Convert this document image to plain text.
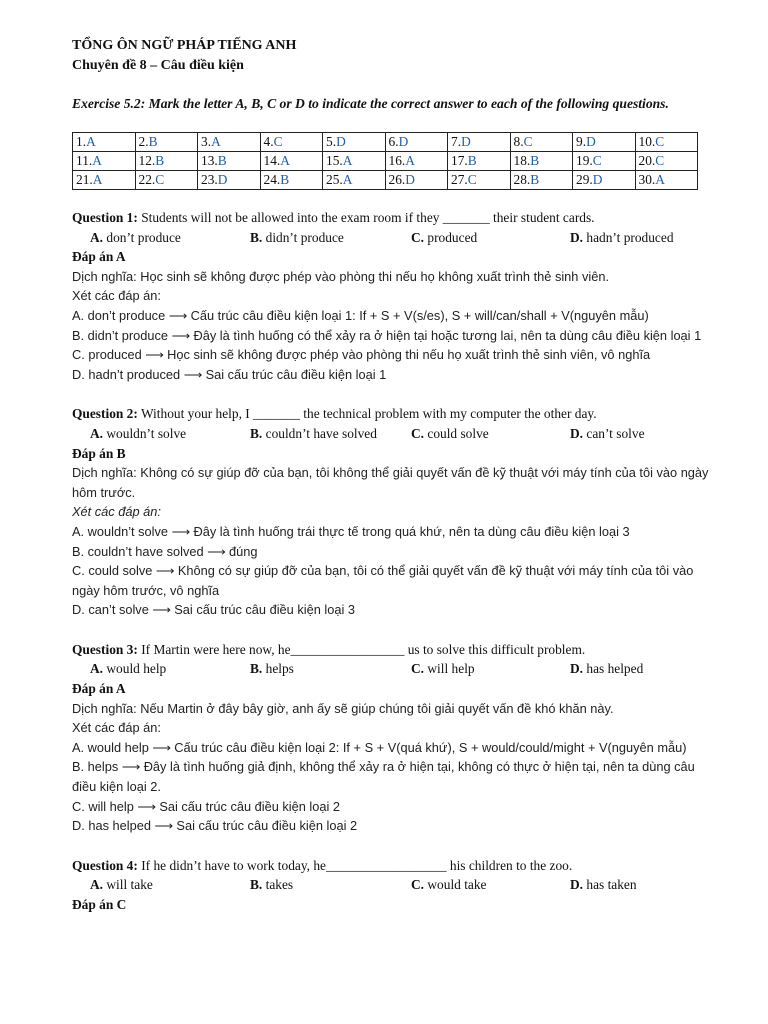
TỔNG ÔN NGỮ PHÁP TIẾNG ANH
Chuyên đề 8 – Câu điều kiện
Exercise 5.2: Mark the letter A, B, C or D to indicate the correct answer to each of the following questions.
1.A	2.B	3.A	4.C	5.D	6.D	7.D	8.C	9.D	10.C
11.A	12.B	13.B	14.A	15.A	16.A	17.B	18.B	19.C	20.C
21.A	22.C	23.D	24.B	25.A	26.D	27.C	28.B	29.D	30.A
Question 1: Students will not be allowed into the exam room if they _______ their student cards.
A. don’t produce	B. didn’t produce	C. produced	D. hadn’t produced
Đáp án A
Dịch nghĩa: Học sinh sẽ không được phép vào phòng thi nếu họ không xuất trình thẻ sinh viên.
Xét các đáp án:
A. don’t produce ⟶ Cấu trúc câu điều kiện loại 1: If + S + V(s/es), S + will/can/shall + V(nguyên mẫu)
B. didn’t produce ⟶ Đây là tình huống có thể xảy ra ở hiện tại hoặc tương lai, nên ta dùng câu điều kiện loại 1
C. produced ⟶ Học sinh sẽ không được phép vào phòng thi nếu họ xuất trình thẻ sinh viên, vô nghĩa
D. hadn’t produced ⟶ Sai cấu trúc câu điều kiện loại 1
Question 2: Without your help, I _______ the technical problem with my computer the other day.
A. wouldn’t solve	B. couldn’t have solved	C. could solve	D. can’t solve
Đáp án B
Dịch nghĩa: Không có sự giúp đỡ của bạn, tôi không thể giải quyết vấn đề kỹ thuật với máy tính của tôi vào ngày hôm trước.
Xét các đáp án:
A. wouldn’t solve ⟶ Đây là tình huống trái thực tế trong quá khứ, nên ta dùng câu điều kiện loại 3
B. couldn’t have solved ⟶ đúng
C. could solve ⟶ Không có sự giúp đỡ của bạn, tôi có thể giải quyết vấn đề kỹ thuật với máy tính của tôi vào ngày hôm trước, vô nghĩa
D. can’t solve ⟶ Sai cấu trúc câu điều kiện loại 3
Question 3: If Martin were here now, he_________________ us to solve this difficult problem.
A. would help	B. helps	C. will help	D. has helped
Đáp án A
Dịch nghĩa: Nếu Martin ở đây bây giờ, anh ấy sẽ giúp chúng tôi giải quyết vấn đề khó khăn này.
Xét các đáp án:
A. would help ⟶ Cấu trúc câu điều kiện loại 2: If + S + V(quá khứ), S + would/could/might + V(nguyên mẫu)
B. helps ⟶ Đây là tình huống giả định, không thể xảy ra ở hiện tại, không có thực ở hiện tại, nên ta dùng câu điều kiện loại 2.
C. will help ⟶ Sai cấu trúc câu điều kiện loại 2
D. has helped ⟶ Sai cấu trúc câu điều kiện loại 2
Question 4: If he didn’t have to work today, he__________________ his children to the zoo.
A. will take	B. takes	C. would take	D. has taken
Đáp án C
